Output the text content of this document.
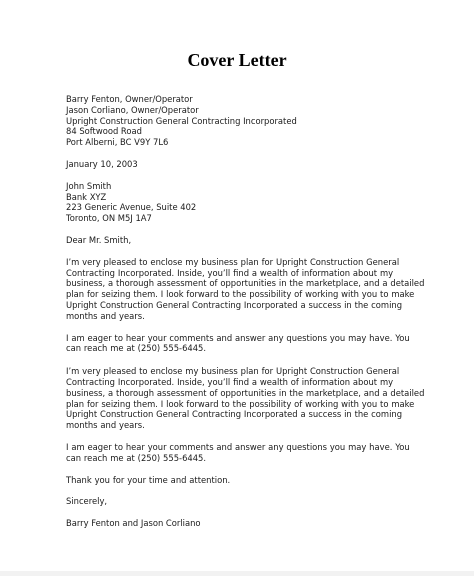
Cover Letter
Barry Fenton, Owner/Operator
Jason Corliano, Owner/Operator
Upright Construction General Contracting Incorporated
84 Softwood Road
Port Alberni, BC V9Y 7L6
January 10, 2003
John Smith
Bank XYZ
223 Generic Avenue, Suite 402
Toronto, ON M5J 1A7
Dear Mr. Smith,
I’m very pleased to enclose my business plan for Upright Construction General
Contracting Incorporated. Inside, you’ll find a wealth of information about my
business, a thorough assessment of opportunities in the marketplace, and a detailed
plan for seizing them. I look forward to the possibility of working with you to make
Upright Construction General Contracting Incorporated a success in the coming
months and years.
I am eager to hear your comments and answer any questions you may have. You
can reach me at (250) 555-6445.
I’m very pleased to enclose my business plan for Upright Construction General
Contracting Incorporated. Inside, you’ll find a wealth of information about my
business, a thorough assessment of opportunities in the marketplace, and a detailed
plan for seizing them. I look forward to the possibility of working with you to make
Upright Construction General Contracting Incorporated a success in the coming
months and years.
I am eager to hear your comments and answer any questions you may have. You
can reach me at (250) 555-6445.
Thank you for your time and attention.
Sincerely,
Barry Fenton and Jason Corliano
